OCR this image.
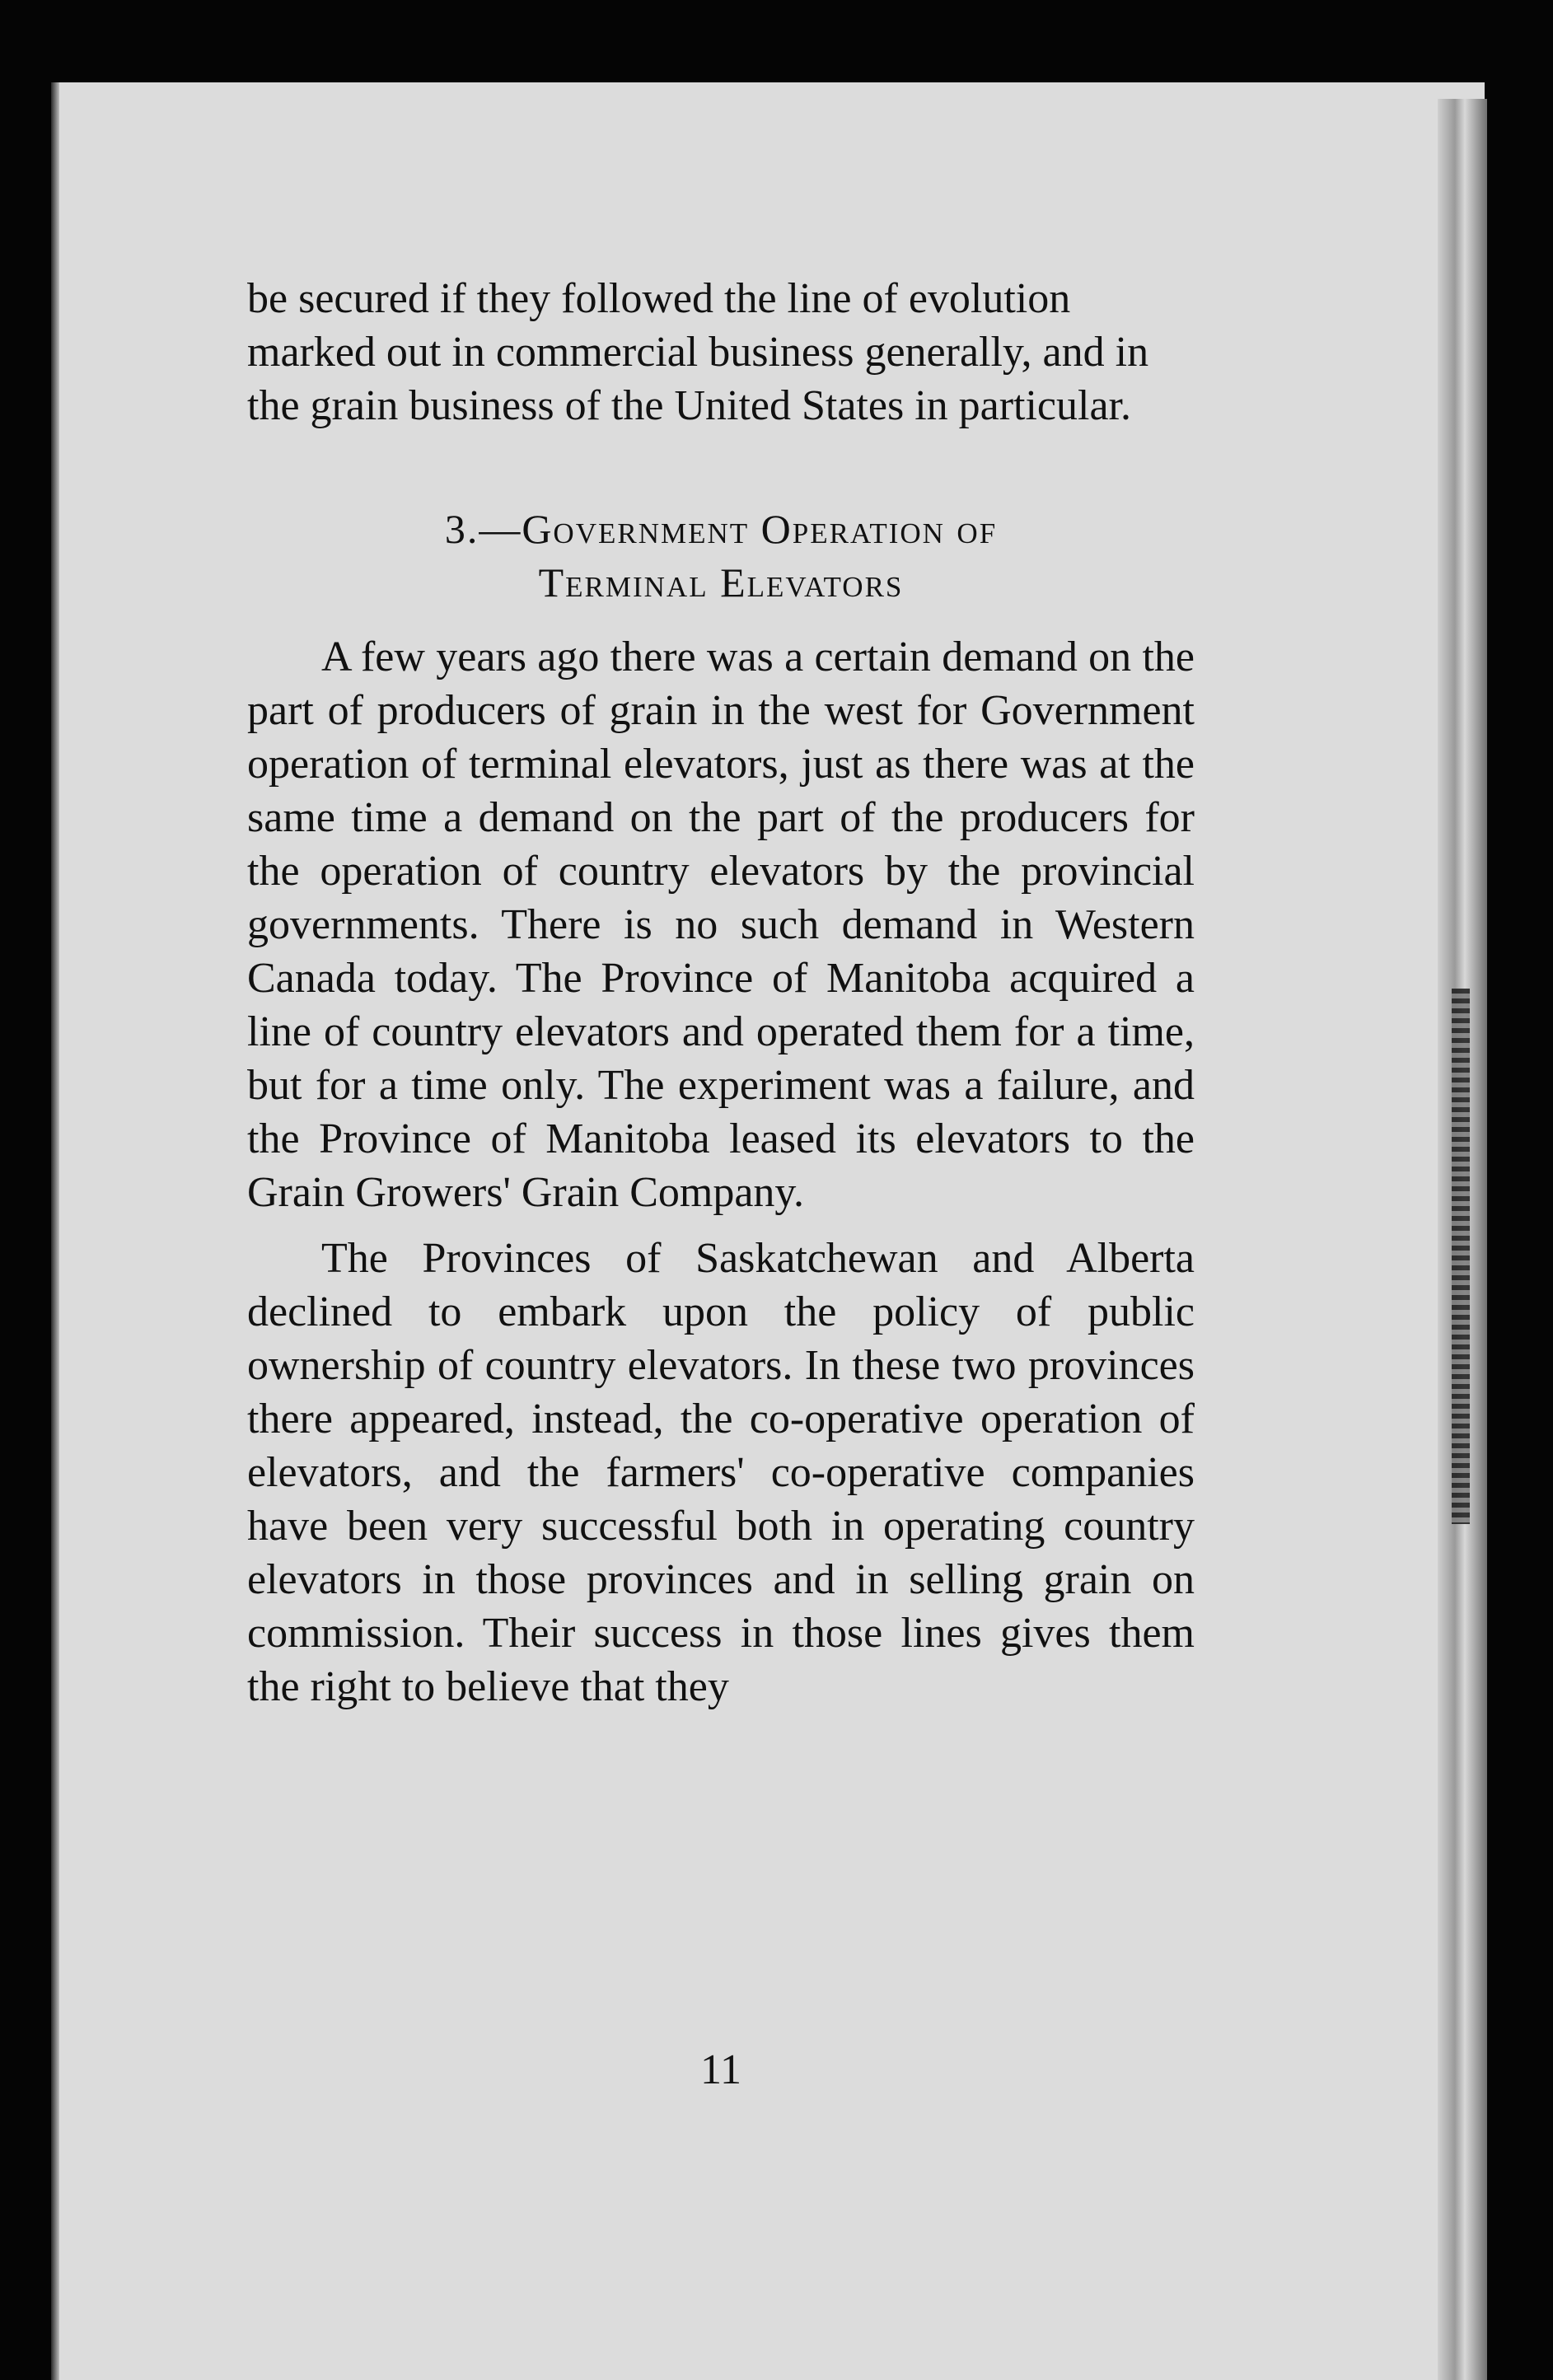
be secured if they followed the line of evolution marked out in commercial business generally, and in the grain business of the United States in particular.

3.—Government Operation of
Terminal Elevators

A few years ago there was a certain demand on the part of producers of grain in the west for Government operation of terminal elevators, just as there was at the same time a demand on the part of the producers for the operation of country elevators by the provincial governments. There is no such demand in Western Canada today. The Province of Manitoba acquired a line of country elevators and operated them for a time, but for a time only. The experiment was a failure, and the Province of Manitoba leased its elevators to the Grain Growers' Grain Company.

The Provinces of Saskatchewan and Alberta declined to embark upon the policy of public ownership of country elevators. In these two provinces there appeared, instead, the co-operative operation of elevators, and the farmers' co-operative companies have been very successful both in operating country elevators in those provinces and in selling grain on commission. Their success in those lines gives them the right to believe that they

11
